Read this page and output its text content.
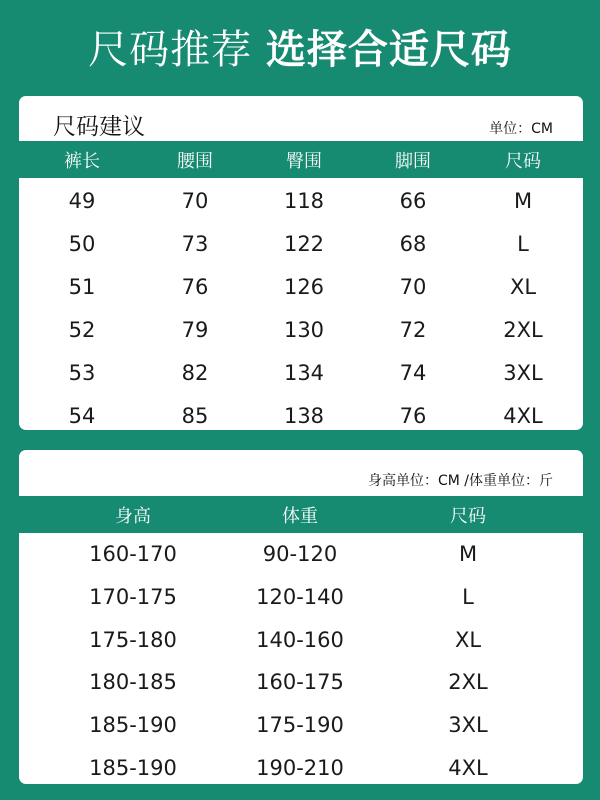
尺码推荐 选择合适尺码
尺码建议	单位：CM
裤长	腰围	臀围	脚围	尺码
49	70	118	66	M
50	73	122	68	L
51	76	126	70	XL
52	79	130	72	2XL
53	82	134	74	3XL
54	85	138	76	4XL
身高单位：CM /体重单位：斤
身高	体重	尺码
160-170	90-120	M
170-175	120-140	L
175-180	140-160	XL
180-185	160-175	2XL
185-190	175-190	3XL
185-190	190-210	4XL
